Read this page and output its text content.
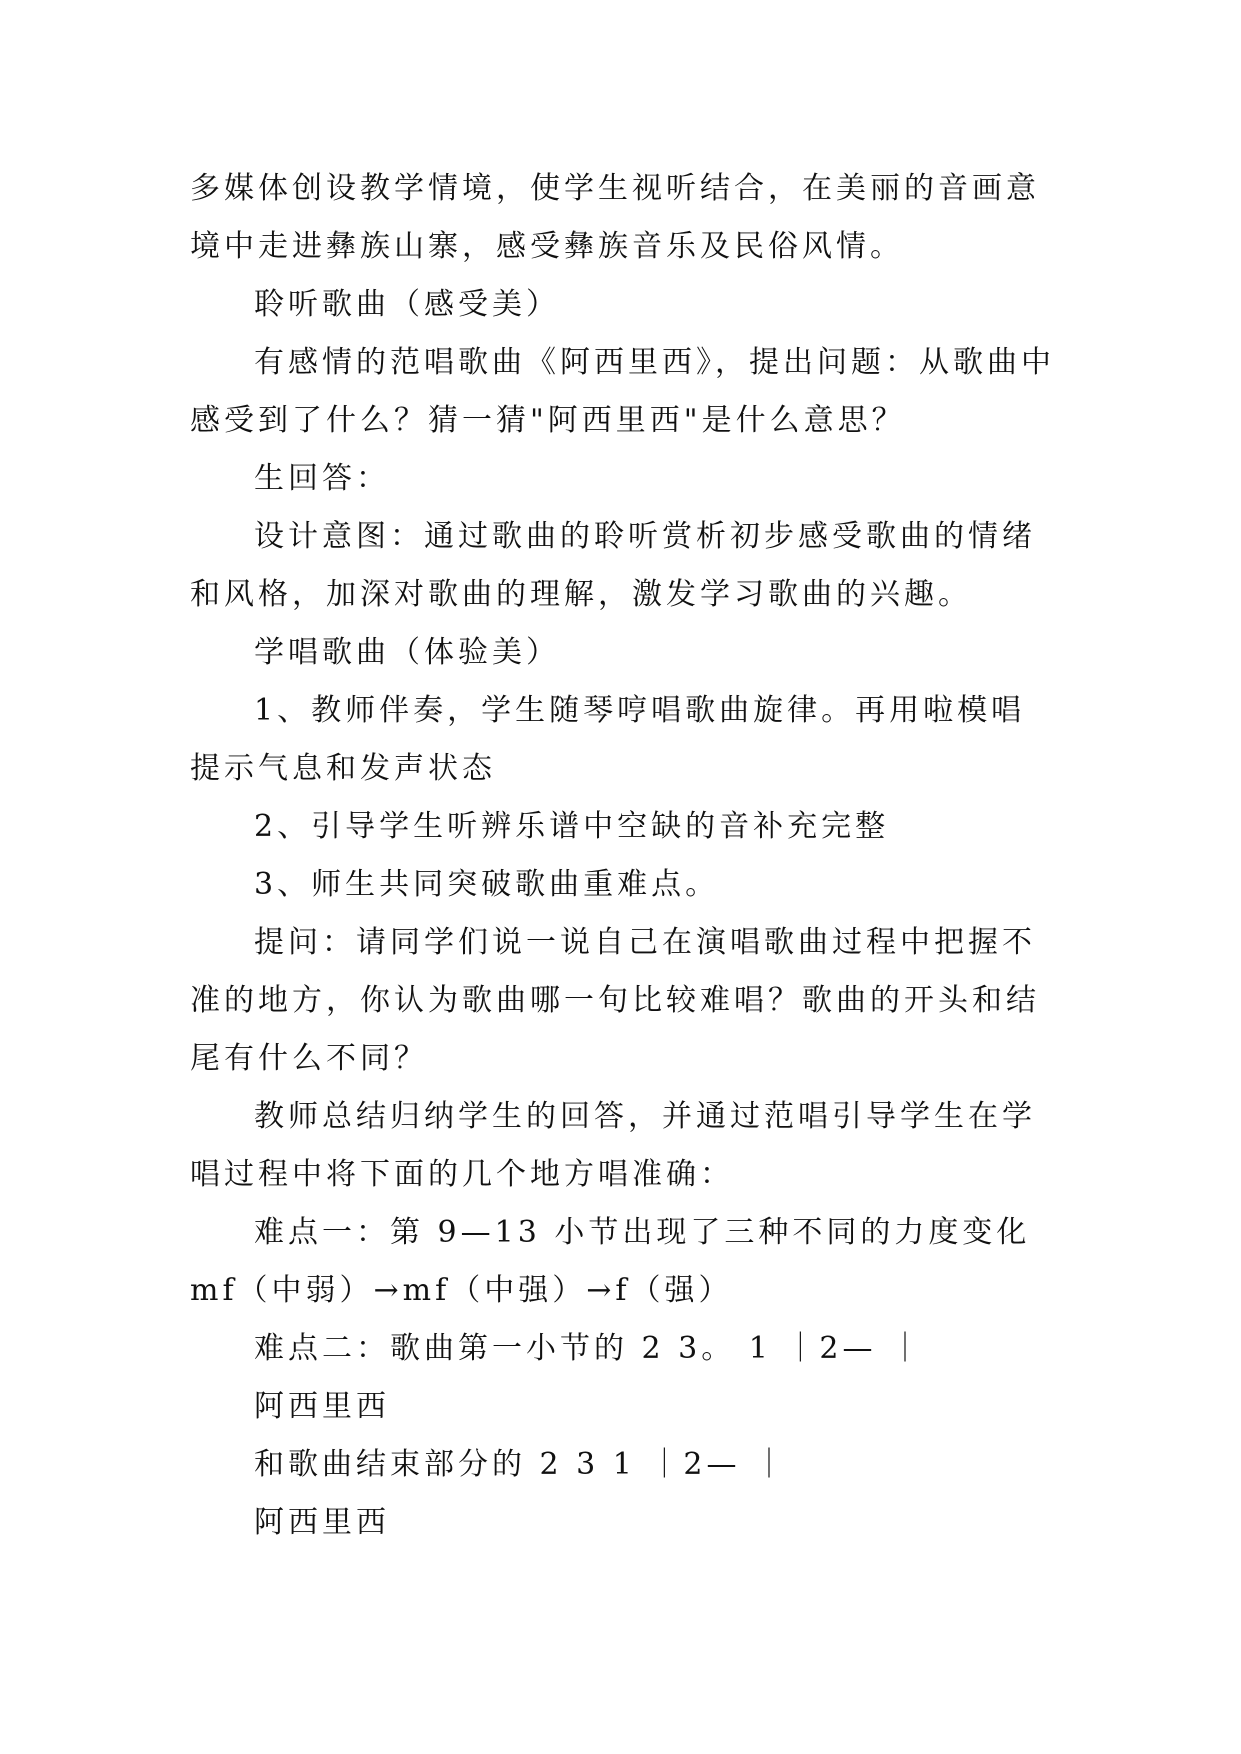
多媒体创设教学情境，使学生视听结合，在美丽的音画意境中走进彝族山寨，感受彝族音乐及民俗风情。

聆听歌曲（感受美）

有感情的范唱歌曲《阿西里西》，提出问题：从歌曲中感受到了什么？猜一猜"阿西里西"是什么意思？

生回答：

设计意图：通过歌曲的聆听赏析初步感受歌曲的情绪和风格，加深对歌曲的理解，激发学习歌曲的兴趣。

学唱歌曲（体验美）

1、教师伴奏，学生随琴哼唱歌曲旋律。再用啦模唱提示气息和发声状态

2、引导学生听辨乐谱中空缺的音补充完整

3、师生共同突破歌曲重难点。

提问：请同学们说一说自己在演唱歌曲过程中把握不准的地方，你认为歌曲哪一句比较难唱？歌曲的开头和结尾有什么不同？

教师总结归纳学生的回答，并通过范唱引导学生在学唱过程中将下面的几个地方唱准确：

难点一：第 9—13 小节出现了三种不同的力度变化 mf（中弱）→mf（中强）→f（强）

难点二：歌曲第一小节的 2 3。 1 ｜2— ｜

阿西里西

和歌曲结束部分的 2 3 1 ｜2— ｜

阿西里西
